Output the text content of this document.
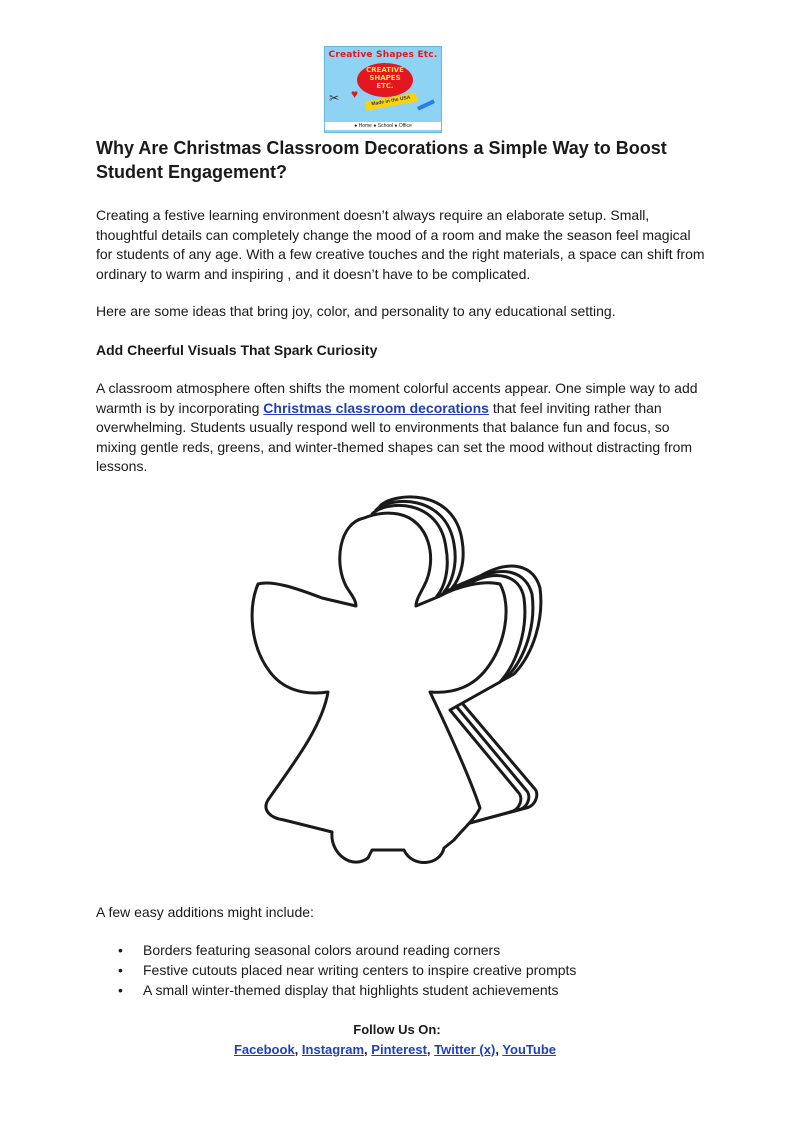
Creative Shapes Etc.
CREATIVE
SHAPES
ETC.
Made in the USA
♥
✂
● Home ● School ● Office
Why Are Christmas Classroom Decorations a Simple Way to Boost Student Engagement?

Creating a festive learning environment doesn’t always require an elaborate setup. Small, thoughtful details can completely change the mood of a room and make the season feel magical for students of any age. With a few creative touches and the right materials, a space can shift from ordinary to warm and inspiring , and it doesn’t have to be complicated.

Here are some ideas that bring joy, color, and personality to any educational setting.

Add Cheerful Visuals That Spark Curiosity

A classroom atmosphere often shifts the moment colorful accents appear. One simple way to add warmth is by incorporating Christmas classroom decorations that feel inviting rather than overwhelming. Students usually respond well to environments that balance fun and focus, so mixing gentle reds, greens, and winter-themed shapes can set the mood without distracting from lessons.

A few easy additions might include:

• Borders featuring seasonal colors around reading corners
• Festive cutouts placed near writing centers to inspire creative prompts
• A small winter-themed display that highlights student achievements
Follow Us On:
Facebook, Instagram, Pinterest, Twitter (x), YouTube
